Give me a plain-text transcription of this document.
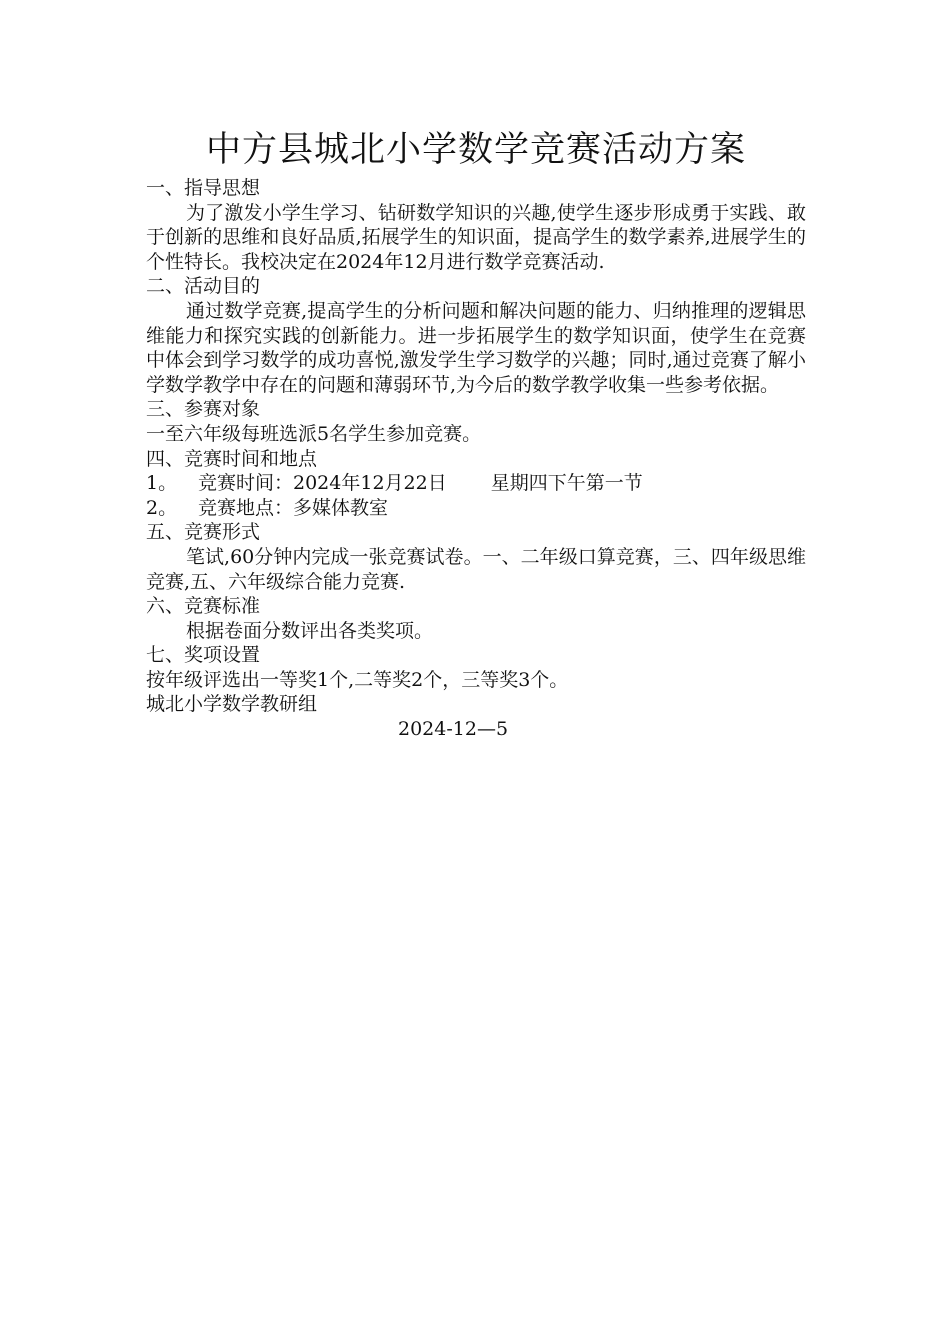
中方县城北小学数学竞赛活动方案

一、指导思想

为了激发小学生学习、钻研数学知识的兴趣,使学生逐步形成勇于实践、敢于创新的思维和良好品质,拓展学生的知识面，提高学生的数学素养,进展学生的个性特长。我校决定在2024年12月进行数学竞赛活动.

二、活动目的

通过数学竞赛,提高学生的分析问题和解决问题的能力、归纳推理的逻辑思维能力和探究实践的创新能力。进一步拓展学生的数学知识面，使学生在竞赛中体会到学习数学的成功喜悦,激发学生学习数学的兴趣；同时,通过竞赛了解小学数学教学中存在的问题和薄弱环节,为今后的数学教学收集一些参考依据。

三、参赛对象

一至六年级每班选派5名学生参加竞赛。

四、竞赛时间和地点

1。 竞赛时间：2024年12月22日 星期四下午第一节

2。 竞赛地点：多媒体教室

五、竞赛形式

笔试,60分钟内完成一张竞赛试卷。一、二年级口算竞赛，三、四年级思维竞赛,五、六年级综合能力竞赛.

六、竞赛标准

根据卷面分数评出各类奖项。

七、奖项设置

按年级评选出一等奖1个,二等奖2个，三等奖3个。

城北小学数学教研组

2024-12—5
